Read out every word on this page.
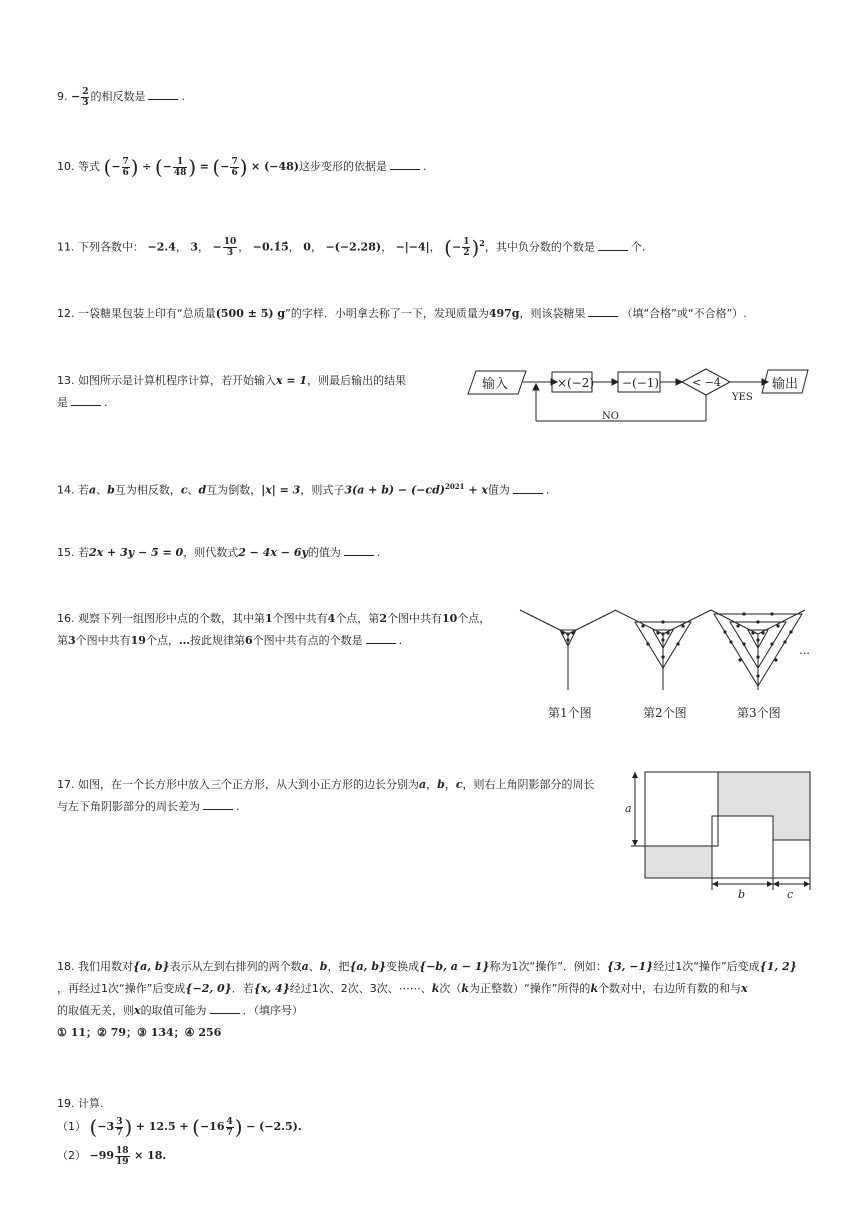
9. − $\frac{2}{3}$ 的相反数是	.
10. 等式 (− $\frac{7}{6}$ ) ÷ (− $\frac{1}{48}$ ) = (− $\frac{7}{6}$ ) × (−48)这步变形的依据是	.
11. 下列各数中： −2.4， 3， − $\frac{10}{3}$ ， −0.1̇5̇， 0， −(−2.28)， −|−4|， (− $\frac{1}{2} )^2$，其中负分数的个数是	个.
12. 一袋糖果包装上印有“总质量(500 ± 5) g”的字样．小明拿去称了一下，发现质量为497g，则该袋糖果	（填“合格”或“不合格”）.
13. 如图所示是计算机程序计算，若开始输入x = 1，则最后输出的结果
是	.
输入	×(−2) −(−1)	< −4
YES
输出
NO
14. 若a、b互为相反数，c、d互为倒数，|x| = 3，则式子$3(a + b) - (-cd)^{2021} + x$值为	.
15. 若2x + 3y − 5 = 0，则代数式2 − 4x − 6y的值为	.
16. 观察下列一组图形中点的个数，其中第1个图中共有4个点，第2个图中共有10个点，
第3个图中共有19个点，…按此规律第6个图中共有点的个数是	.
…
第1个图	第2个图	第3个图
17. 如图，在一个长方形中放入三个正方形，从大到小正方形的边长分别为a，b，c，则右上角阴影部分的周长
与左下角阴影部分的周长差为	.	a
b	c
18. 我们用数对{a, b}表示从左到右排列的两个数a、b，把{a, b}变换成{−b, a − 1}称为1次“操作”．例如：{3, −1}经过1次“操作”后变成{1, 2}
，再经过1次“操作”后变成{−2, 0}．若{x, 4}经过1次、2次、3次、⋯⋯、k次（k为正整数）“操作”所得的k个数对中，右边所有数的和与x
的取值无关，则x的取值可能为	．（填序号）
① 11；② 79；③ 134；④ 256
19. 计算.
（1） ($-3 \frac{3}{7}$ ) + $12.5 + (-16 \frac{4}{7}$ ) − (−2.5).
$(2) -99 \frac{18}{19} \times 18$.
